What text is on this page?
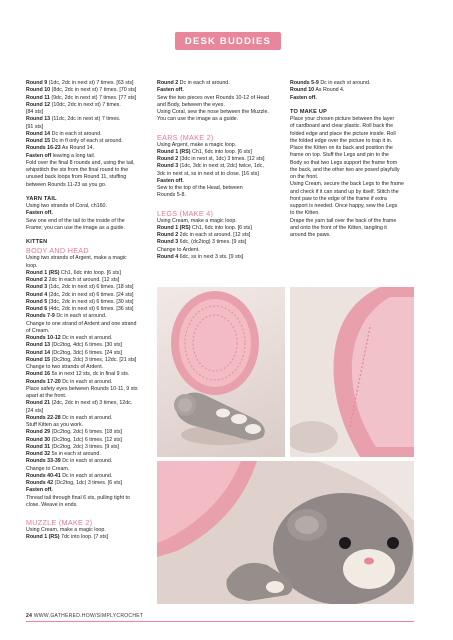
DESK BUDDIES

Round 9 (1dc, 2dc in next st) 7 times. [63 sts]

Round 10 (8dc, 2dc in next st) 7 times. [70 sts]

Round 11 (9dc, 2dc in next st) 7 times. [77 sts]

Round 12 (10dc, 2dc in next st) 7 times.

[84 sts]

Round 13 (11dc, 2dc in next st) 7 times.

[91 sts]

Round 14 Dc in each st around.

Round 15 Dc in fl only of each st around.

Rounds 16-23 As Round 14.

Fasten off leaving a long tail.

Fold over the final 8 rounds and, using the tail,

whipstitch the sts from the final round to the

unused back loops from Round 11, stuffing

between Rounds 11-23 as you go.

YARN TAIL

Using two strands of Coral, ch160.

Fasten off.

Sew one end of the tail to the inside of the

Frame; you can use the image as a guide.

KITTEN

BODY AND HEAD

Using two strands of Argent, make a magic

loop.

Round 1 (RS) Ch1, 6dc into loop. [6 sts]

Round 2 2dc in each st around. [12 sts]

Round 3 (1dc, 2dc in next st) 6 times. [18 sts]

Round 4 (2dc, 2dc in next st) 6 times. [24 sts]

Round 5 (3dc, 2dc in next st) 6 times. [30 sts]

Round 6 (4dc, 2dc in next st) 6 times. [36 sts]

Rounds 7-9 Dc in each st around.

Change to one strand of Ardent and one strand

of Cream.

Rounds 10-12 Dc in each st around.

Round 13 (Dc2tog, 4dc) 6 times. [30 sts]

Round 14 (Dc2tog, 3dc) 6 times. [24 sts]

Round 15 (Dc2tog, 2dc) 3 times, 12dc. [21 sts]

Change to two strands of Ardent.

Round 16 5s in next 12 sts, dc in final 9 sts.

Rounds 17-20 Dc in each st around.

Place safety eyes between Rounds 10-11, 9 sts

apart at the front.

Round 21 (2dc, 2dc in next st) 3 times, 12dc.

[24 sts]

Rounds 22-28 Dc in each st around.

Stuff Kitten as you work.

Round 29 (Dc2tog, 2dc) 6 times. [18 sts]

Round 30 (Dc2tog, 1dc) 6 times. [12 sts]

Round 31 (Dc2tog, 2dc) 3 times. [9 sts]

Round 32 5s in each st around.

Rounds 33-39 Dc in each st around.

Change to Cream.

Rounds 40-41 Dc in each st around.

Rounds 42 (Dc2tog, 1dc) 3 times. [6 sts]

Fasten off.

Thread tail through final 6 sts, pulling tight to

close. Weave in ends.

MUZZLE (MAKE 2)

Using Cream, make a magic loop.

Round 1 (RS) 7dc into loop. [7 sts]

Round 2 Dc in each st around.

Fasten off.

Sew the two pieces over Rounds 10-12 of Head

and Body, between the eyes.

Using Coral, sew the nose between the Muzzle.

You can use the image as a guide.

EARS (MAKE 2)

Using Argent, make a magic loop.

Round 1 (RS) Ch1, 6dc into loop. [6 sts]

Round 2 (3dc in next st, 1dc) 3 times. [12 sts]

Round 3 (1dc, 3dc in next st, 2dc) twice, 1dc,

3dc in next st, ss in next st to close. [16 sts]

Fasten off.

Sew to the top of the Head, between

Rounds 5-8.

LEGS (MAKE 4)

Using Cream, make a magic loop.

Round 1 (RS) Ch1, 6dc into loop. [6 sts]

Round 2 2dc in each st around. [12 sts]

Round 3 6dc, (dc2tog) 3 times. [9 sts]

Change to Ardent.

Round 4 6dc, ss in next 3 sts. [9 sts]

Rounds 5-9 Dc in each st around.

Round 10 As Round 4.

Fasten off.

TO MAKE UP

Place your chosen picture between the layer

of cardboard and clear plastic. Roll back the

folded edge and place the picture inside. Roll

the folded edge over the picture to trap it in.

Place the Kitten on its back and position the

frame on top. Stuff the Legs and pin to the

Body so that two Legs support the frame from

the back, and the other two are posed playfully

on the front.

Using Cream, secure the back Legs to the frame

and check if it can stand up by itself. Stitch the

front paw to the edge of the frame if extra

support is needed. Once happy, sew the Legs

to the Kitten.

Drape the yarn tail over the back of the frame

and onto the front of the Kitten, tangling it

around the paws.

24 WWW.GATHERED.HOW/SIMPLYCROCHET
